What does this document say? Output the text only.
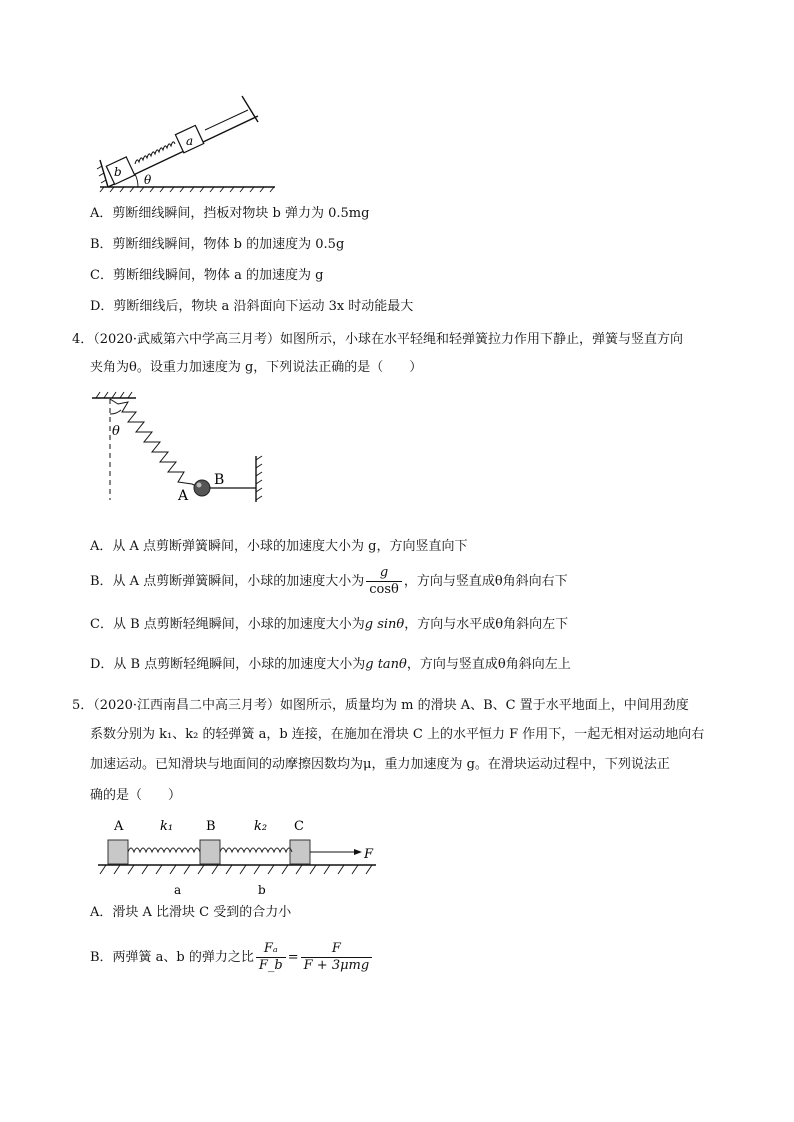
b
a
θ
A．剪断细线瞬间，挡板对物块 b 弹力为 0.5mg
B．剪断细线瞬间，物体 b 的加速度为 0.5g
C．剪断细线瞬间，物体 a 的加速度为 g
D．剪断细线后，物块 a 沿斜面向下运动 3x 时动能最大
4．（2020·武威第六中学高三月考）如图所示，小球在水平轻绳和轻弹簧拉力作用下静止，弹簧与竖直方向
夹角为θ。设重力加速度为 g，下列说法正确的是（　　）
θ
A
B
A．从 A 点剪断弹簧瞬间，小球的加速度大小为 g，方向竖直向下
B．从 A 点剪断弹簧瞬间，小球的加速度大小为 $\frac{g}{\cos\theta}$ ，方向与竖直成θ角斜向右下
C．从 B 点剪断轻绳瞬间，小球的加速度大小为g sinθ，方向与水平成θ角斜向左下
D．从 B 点剪断轻绳瞬间，小球的加速度大小为g tanθ，方向与竖直成θ角斜向左上
5．（2020·江西南昌二中高三月考）如图所示，质量均为 m 的滑块 A、B、C 置于水平地面上，中间用劲度
系数分别为 k₁、k₂ 的轻弹簧 a，b 连接，在施加在滑块 C 上的水平恒力 F 作用下，一起无相对运动地向右
加速运动。已知滑块与地面间的动摩擦因数均为μ，重力加速度为 g。在滑块运动过程中，下列说法正
确的是（　　）
A	k₁	B	k₂ C
F
a	b
A．滑块 A 比滑块 C 受到的合力小
B．两弹簧 a、b 的弹力之比 $\frac{\text{Fₐ}}{F\_b} = \frac{F}{\text{F + 3μmg}}$
